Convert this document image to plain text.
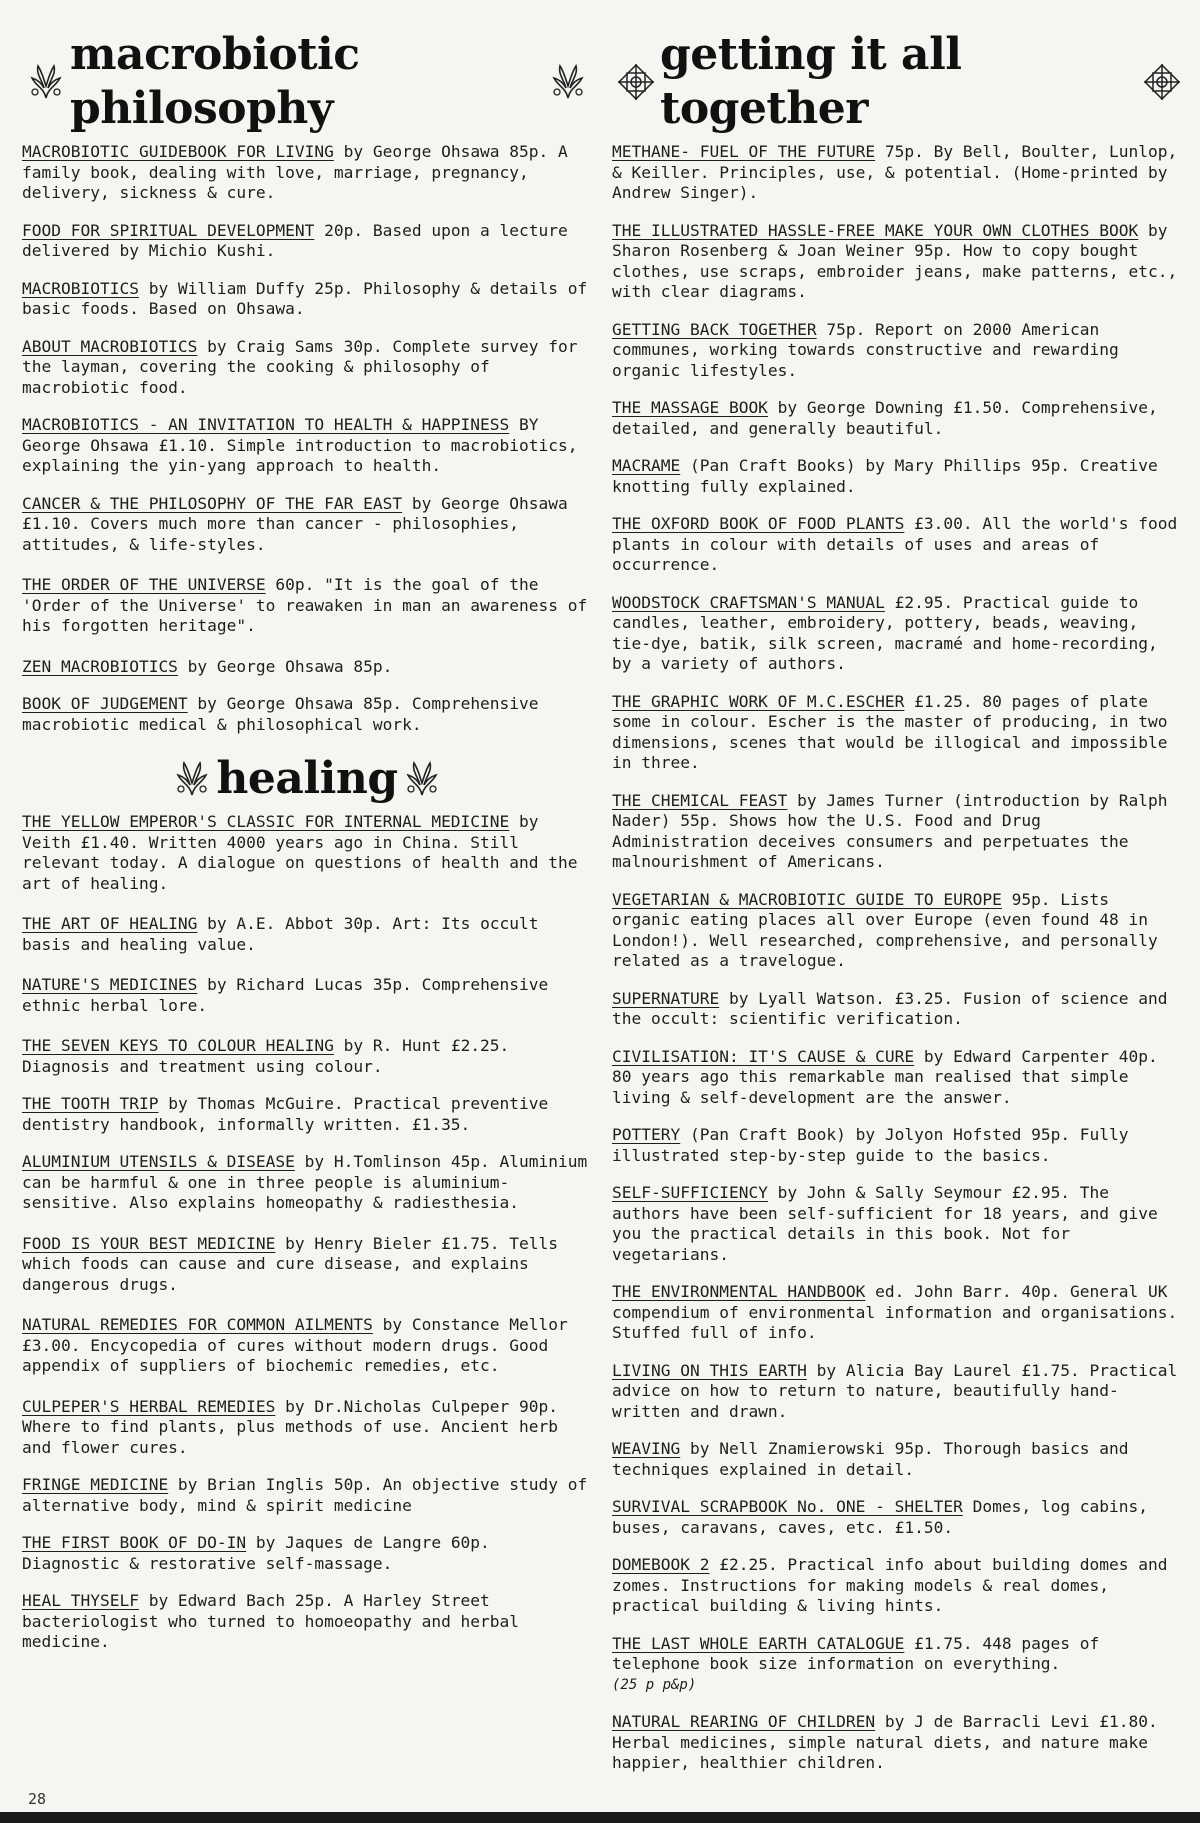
macrobiotic philosophy

MACROBIOTIC GUIDEBOOK FOR LIVING by George Ohsawa 85p. A family book, dealing with love, marriage, pregnancy, delivery, sickness & cure.

FOOD FOR SPIRITUAL DEVELOPMENT 20p. Based upon a lecture delivered by Michio Kushi.

MACROBIOTICS by William Duffy 25p. Philosophy & details of basic foods. Based on Ohsawa.

ABOUT MACROBIOTICS by Craig Sams 30p. Complete survey for the layman, covering the cooking & philosophy of macrobiotic food.

MACROBIOTICS - AN INVITATION TO HEALTH & HAPPINESS BY George Ohsawa £1.10. Simple introduction to macrobiotics, explaining the yin-yang approach to health.

CANCER & THE PHILOSOPHY OF THE FAR EAST by George Ohsawa £1.10. Covers much more than cancer - philosophies, attitudes, & life-styles.

THE ORDER OF THE UNIVERSE 60p. "It is the goal of the 'Order of the Universe' to reawaken in man an awareness of his forgotten heritage".

ZEN MACROBIOTICS by George Ohsawa 85p.

BOOK OF JUDGEMENT by George Ohsawa 85p. Comprehensive macrobiotic medical & philosophical work.

healing

THE YELLOW EMPEROR'S CLASSIC FOR INTERNAL MEDICINE by Veith £1.40. Written 4000 years ago in China. Still relevant today. A dialogue on questions of health and the art of healing.

THE ART OF HEALING by A.E. Abbot 30p. Art: Its occult basis and healing value.

NATURE'S MEDICINES by Richard Lucas 35p. Comprehensive ethnic herbal lore.

THE SEVEN KEYS TO COLOUR HEALING by R. Hunt £2.25. Diagnosis and treatment using colour.

THE TOOTH TRIP by Thomas McGuire. Practical preventive dentistry handbook, informally written. £1.35.

ALUMINIUM UTENSILS & DISEASE by H.Tomlinson 45p. Aluminium can be harmful & one in three people is aluminium-sensitive. Also explains homeopathy & radiesthesia.

FOOD IS YOUR BEST MEDICINE by Henry Bieler £1.75. Tells which foods can cause and cure disease, and explains dangerous drugs.

NATURAL REMEDIES FOR COMMON AILMENTS by Constance Mellor £3.00. Encycopedia of cures without modern drugs. Good appendix of suppliers of biochemic remedies, etc.

CULPEPER'S HERBAL REMEDIES by Dr.Nicholas Culpeper 90p. Where to find plants, plus methods of use. Ancient herb and flower cures.

FRINGE MEDICINE by Brian Inglis 50p. An objective study of alternative body, mind & spirit medicine

THE FIRST BOOK OF DO-IN by Jaques de Langre 60p. Diagnostic & restorative self-massage.

HEAL THYSELF by Edward Bach 25p. A Harley Street bacteriologist who turned to homoeopathy and herbal medicine.

getting it all together

METHANE- FUEL OF THE FUTURE 75p. By Bell, Boulter, Lunlop, & Keiller. Principles, use, & potential. (Home-printed by Andrew Singer).

THE ILLUSTRATED HASSLE-FREE MAKE YOUR OWN CLOTHES BOOK by Sharon Rosenberg & Joan Weiner 95p. How to copy bought clothes, use scraps, embroider jeans, make patterns, etc., with clear diagrams.

GETTING BACK TOGETHER 75p. Report on 2000 American communes, working towards constructive and rewarding organic lifestyles.

THE MASSAGE BOOK by George Downing £1.50. Comprehensive, detailed, and generally beautiful.

MACRAME (Pan Craft Books) by Mary Phillips 95p. Creative knotting fully explained.

THE OXFORD BOOK OF FOOD PLANTS £3.00. All the world's food plants in colour with details of uses and areas of occurrence.

WOODSTOCK CRAFTSMAN'S MANUAL £2.95. Practical guide to candles, leather, embroidery, pottery, beads, weaving, tie-dye, batik, silk screen, macramé and home-recording, by a variety of authors.

THE GRAPHIC WORK OF M.C.ESCHER £1.25. 80 pages of plate some in colour. Escher is the master of producing, in two dimensions, scenes that would be illogical and impossible in three.

THE CHEMICAL FEAST by James Turner (introduction by Ralph Nader) 55p. Shows how the U.S. Food and Drug Administration deceives consumers and perpetuates the malnourishment of Americans.

VEGETARIAN & MACROBIOTIC GUIDE TO EUROPE 95p. Lists organic eating places all over Europe (even found 48 in London!). Well researched, comprehensive, and personally related as a travelogue.

SUPERNATURE by Lyall Watson. £3.25. Fusion of science and the occult: scientific verification.

CIVILISATION: IT'S CAUSE & CURE by Edward Carpenter 40p. 80 years ago this remarkable man realised that simple living & self-development are the answer.

POTTERY (Pan Craft Book) by Jolyon Hofsted 95p. Fully illustrated step-by-step guide to the basics.

SELF-SUFFICIENCY by John & Sally Seymour £2.95. The authors have been self-sufficient for 18 years, and give you the practical details in this book. Not for vegetarians.

THE ENVIRONMENTAL HANDBOOK ed. John Barr. 40p. General UK compendium of environmental information and organisations. Stuffed full of info.

LIVING ON THIS EARTH by Alicia Bay Laurel £1.75. Practical advice on how to return to nature, beautifully hand-written and drawn.

WEAVING by Nell Znamierowski 95p. Thorough basics and techniques explained in detail.

SURVIVAL SCRAPBOOK No. ONE - SHELTER Domes, log cabins, buses, caravans, caves, etc. £1.50.

DOMEBOOK 2 £2.25. Practical info about building domes and zomes. Instructions for making models & real domes, practical building & living hints.

THE LAST WHOLE EARTH CATALOGUE £1.75. 448 pages of telephone book size information on everything.
(25 p p&p)

NATURAL REARING OF CHILDREN by J de Barracli Levi £1.80. Herbal medicines, simple natural diets, and nature make happier, healthier children.

28
